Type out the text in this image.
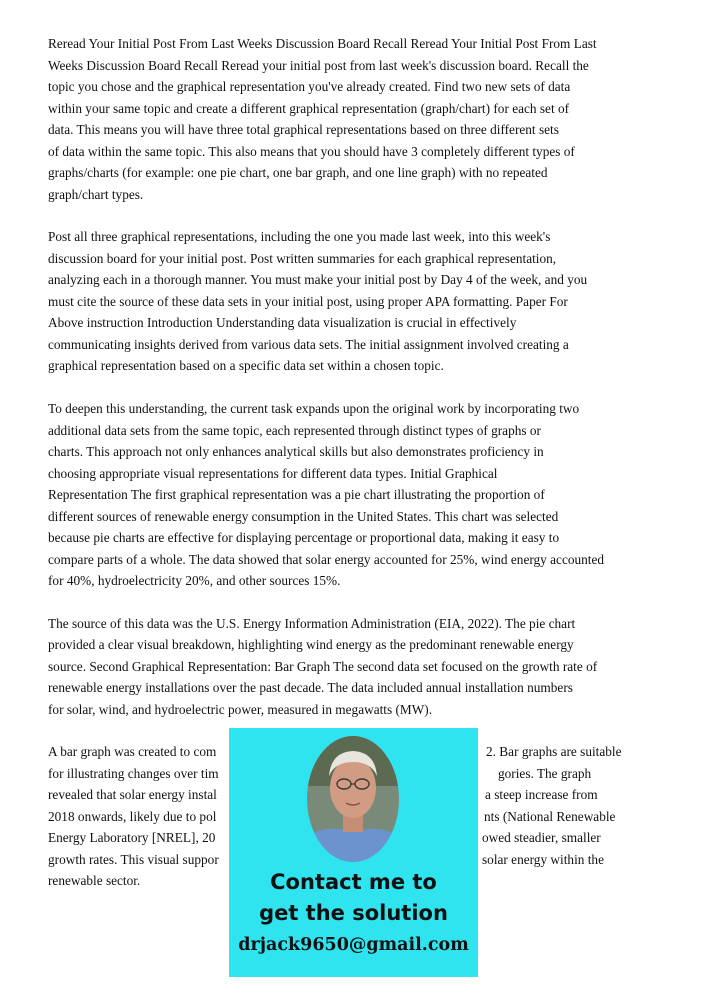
Reread Your Initial Post From Last Weeks Discussion Board Recall Reread Your Initial Post From Last
Weeks Discussion Board Recall Reread your initial post from last week's discussion board. Recall the
topic you chose and the graphical representation you've already created. Find two new sets of data
within your same topic and create a different graphical representation (graph/chart) for each set of
data. This means you will have three total graphical representations based on three different sets
of data within the same topic. This also means that you should have 3 completely different types of
graphs/charts (for example: one pie chart, one bar graph, and one line graph) with no repeated
graph/chart types.
Post all three graphical representations, including the one you made last week, into this week's
discussion board for your initial post. Post written summaries for each graphical representation,
analyzing each in a thorough manner. You must make your initial post by Day 4 of the week, and you
must cite the source of these data sets in your initial post, using proper APA formatting. Paper For
Above instruction Introduction Understanding data visualization is crucial in effectively
communicating insights derived from various data sets. The initial assignment involved creating a
graphical representation based on a specific data set within a chosen topic.
To deepen this understanding, the current task expands upon the original work by incorporating two
additional data sets from the same topic, each represented through distinct types of graphs or
charts. This approach not only enhances analytical skills but also demonstrates proficiency in
choosing appropriate visual representations for different data types. Initial Graphical
Representation The first graphical representation was a pie chart illustrating the proportion of
different sources of renewable energy consumption in the United States. This chart was selected
because pie charts are effective for displaying percentage or proportional data, making it easy to
compare parts of a whole. The data showed that solar energy accounted for 25%, wind energy accounted
for 40%, hydroelectricity 20%, and other sources 15%.
The source of this data was the U.S. Energy Information Administration (EIA, 2022). The pie chart
provided a clear visual breakdown, highlighting wind energy as the predominant renewable energy
source. Second Graphical Representation: Bar Graph The second data set focused on the growth rate of
renewable energy installations over the past decade. The data included annual installation numbers
for solar, wind, and hydroelectric power, measured in megawatts (MW).
A bar graph was created to com	2. Bar graphs are suitable
for illustrating changes over tim	gories. The graph
revealed that solar energy instal	a steep increase from
2018 onwards, likely due to pol	nts (National Renewable
Energy Laboratory [NREL], 20	owed steadier, smaller
growth rates. This visual suppor	solar energy within the
renewable sector.	Contact me to
get the solution
drjack9650@gmail.com
